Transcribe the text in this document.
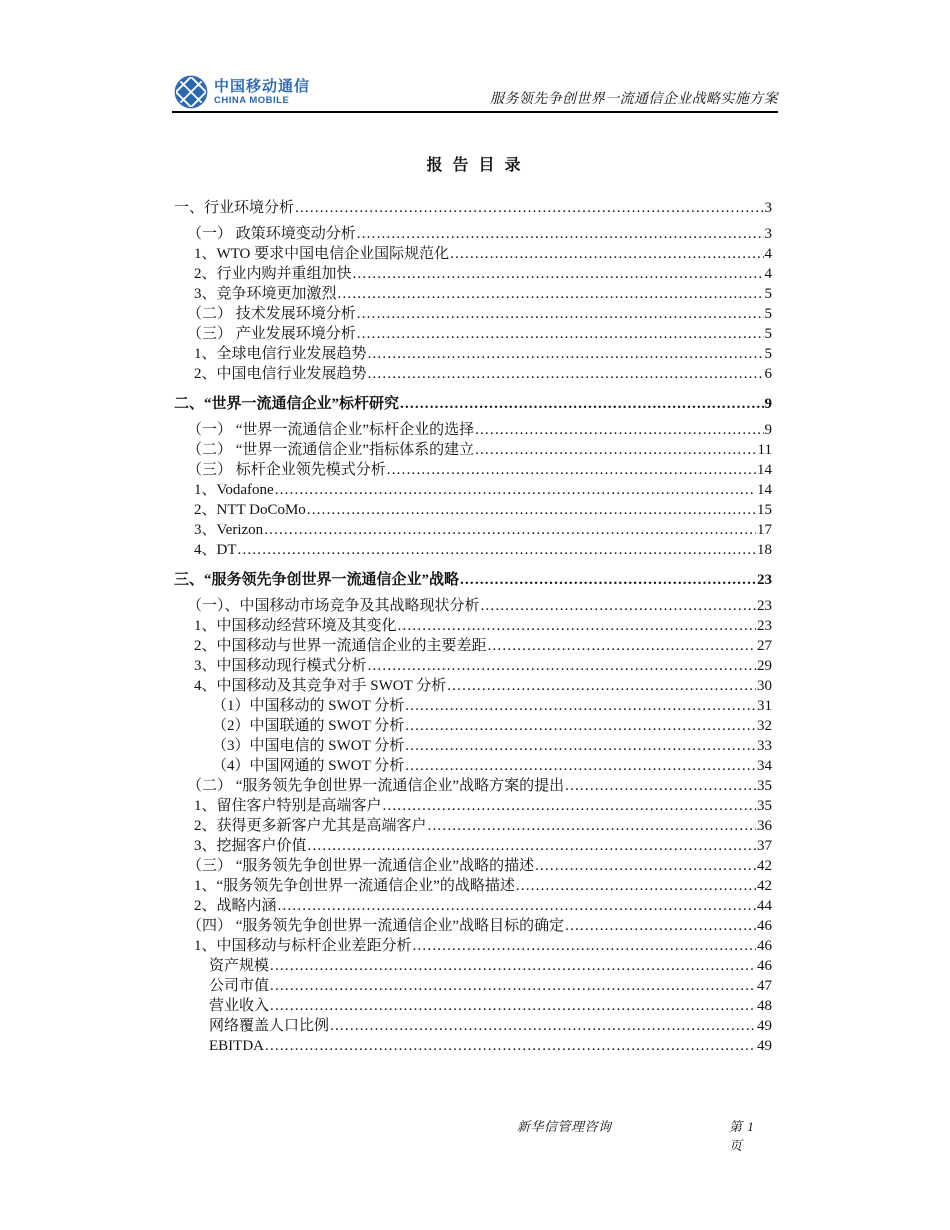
中国移动通信
CHINA MOBILE	服务领先争创世界一流通信企业战略实施方案
报 告 目 录
一、行业环境分析 .....	3
（一） 政策环境变动分析 .....	3
1、WTO 要求中国电信企业国际规范化 .....	4
2、行业内购并重组加快 .....	4
3、竞争环境更加激烈 .....	5
（二） 技术发展环境分析 .....	5
（三） 产业发展环境分析 .....	5
1、全球电信行业发展趋势 .....	5
2、中国电信行业发展趋势 .....	6
二、“世界一流通信企业”标杆研究 .....	9
（一） “世界一流通信企业”标杆企业的选择 .....	9
（二） “世界一流通信企业”指标体系的建立 .....	11
（三） 标杆企业领先模式分析 .....	14
1、Vodafone .....	14
2、NTT DoCoMo .....	15
3、Verizon .....	17
4、DT .....	18
三、“服务领先争创世界一流通信企业”战略 .....	23
（一）、中国移动市场竞争及其战略现状分析 .....	23
1、中国移动经营环境及其变化 .....	23
2、中国移动与世界一流通信企业的主要差距 .....	27
3、中国移动现行模式分析 .....	29
4、中国移动及其竞争对手 SWOT 分析 .....	30
（1）中国移动的 SWOT 分析 .....	31
（2）中国联通的 SWOT 分析 .....	32
（3）中国电信的 SWOT 分析 .....	33
（4）中国网通的 SWOT 分析 .....	34
（二） “服务领先争创世界一流通信企业”战略方案的提出 .....	35
1、留住客户特别是高端客户 .....	35
2、获得更多新客户尤其是高端客户 .....	36
3、挖掘客户价值 .....	37
（三） “服务领先争创世界一流通信企业”战略的描述 .....	42
1、“服务领先争创世界一流通信企业”的战略描述 .....	42
2、战略内涵 .....	44
（四） “服务领先争创世界一流通信企业”战略目标的确定 .....	46
1、中国移动与标杆企业差距分析 .....	46
资产规模 .....	46
公司市值 .....	47
营业收入 .....	48
网络覆盖人口比例 .....	49
EBITDA .....	49
新华信管理咨询	第 1 页
